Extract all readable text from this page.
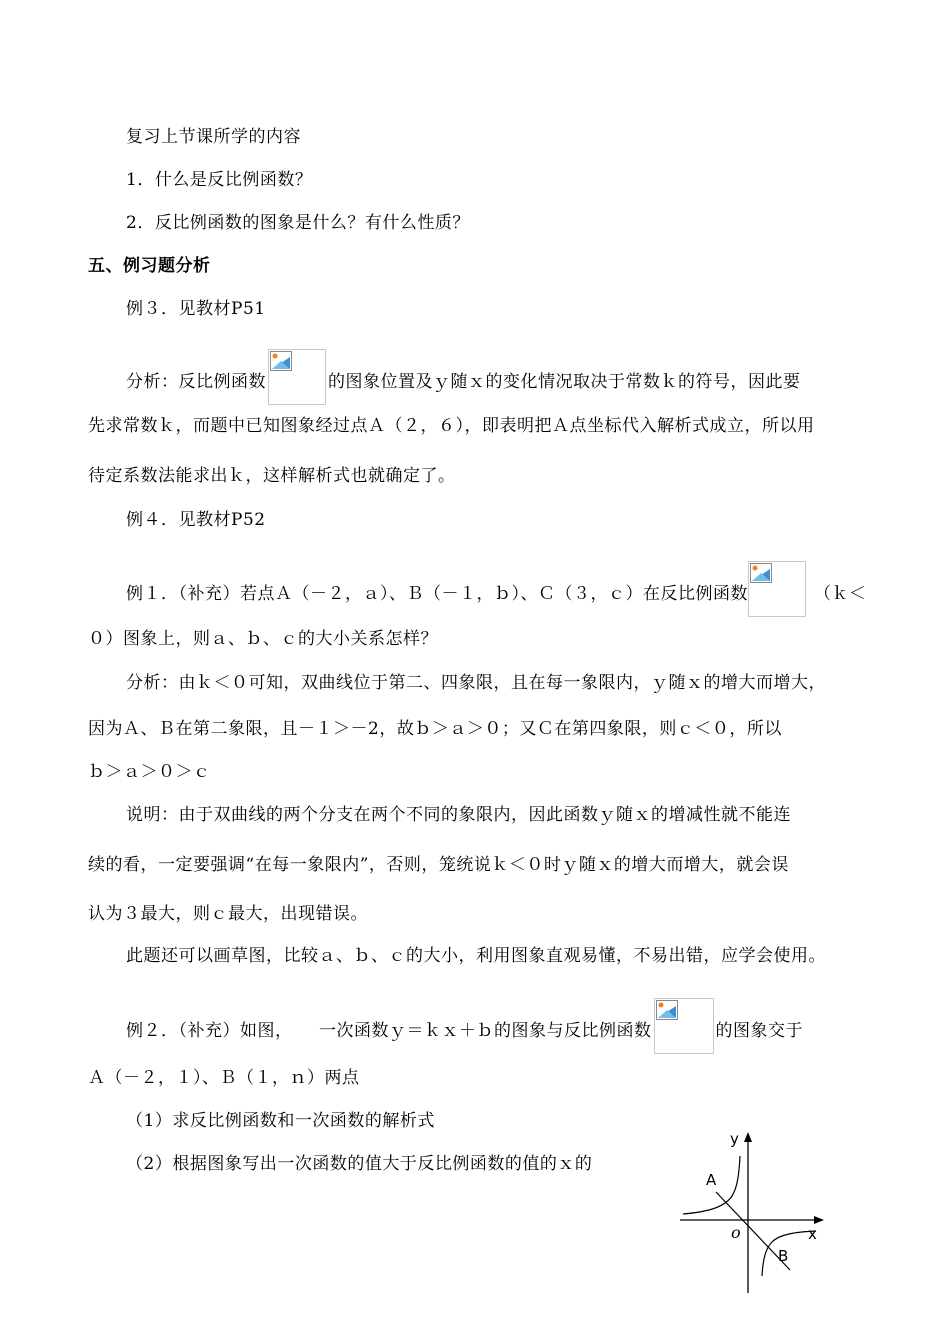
复习上节课所学的内容
1．什么是反比例函数？
2．反比例函数的图象是什么？有什么性质？
五、例习题分析
例３．见教材P51
分析：反比例函数	的图象位置及ｙ随ｘ的变化情况取决于常数ｋ的符号，因此要
先求常数ｋ，而题中已知图象经过点Ａ（２，６），即表明把Ａ点坐标代入解析式成立，所以用
待定系数法能求出ｋ，这样解析式也就确定了。
例４．见教材P52
例１．（补充）若点Ａ（－２，ａ）、Ｂ（－１，ｂ）、Ｃ（３，ｃ）在反比例函数	（ｋ＜
０）图象上，则ａ、ｂ、ｃ的大小关系怎样？
分析：由ｋ＜０可知，双曲线位于第二、四象限，且在每一象限内，ｙ随ｘ的增大而增大，
因为Ａ、Ｂ在第二象限，且－１＞－2，故ｂ＞ａ＞０；又Ｃ在第四象限，则ｃ＜０，所以
ｂ＞ａ＞０＞ｃ
说明：由于双曲线的两个分支在两个不同的象限内，因此函数ｙ随ｘ的增减性就不能连
续的看，一定要强调“在每一象限内”，否则，笼统说ｋ＜０时ｙ随ｘ的增大而增大，就会误
认为３最大，则ｃ最大，出现错误。
此题还可以画草图，比较ａ、ｂ、ｃ的大小，利用图象直观易懂，不易出错，应学会使用。
例２．（补充）如图，　　一次函数ｙ＝ｋｘ＋ｂ的图象与反比例函数	的图象交于
Ａ（－２，１）、Ｂ（１，ｎ）两点
（1）求反比例函数和一次函数的解析式
（2）根据图象写出一次函数的值大于反比例函数的值的ｘ的
y
x
o
A
B
